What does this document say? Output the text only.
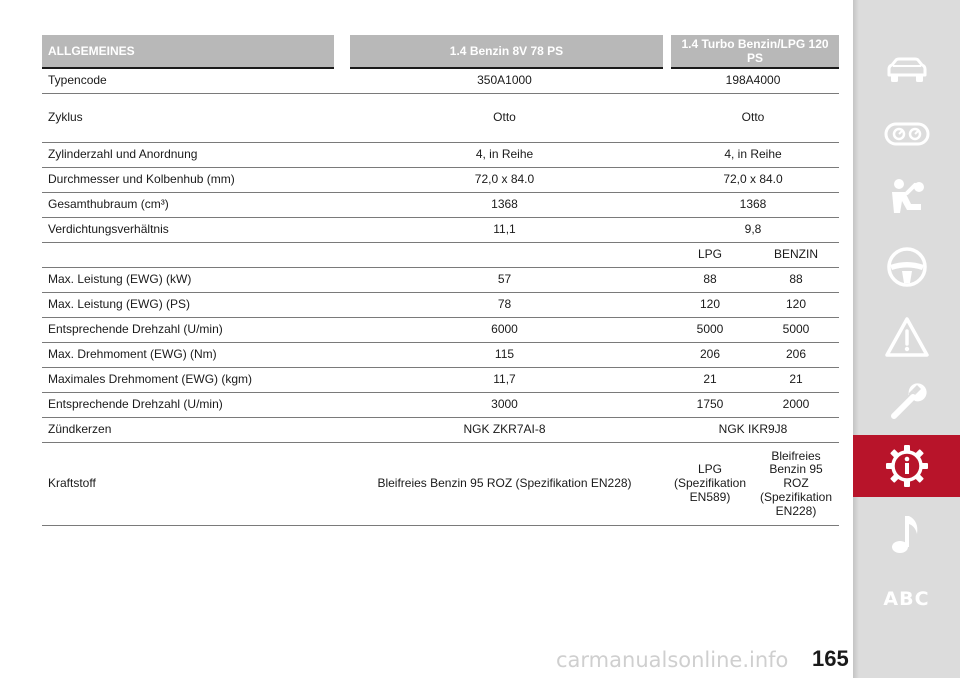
ALLGEMEINES	1.4 Benzin 8V 78 PS	1.4 Turbo Benzin/LPG 120 PS	
Typencode	350A1000	198A4000	
Zyklus	Otto	Otto	
Zylinderzahl und Anordnung	4, in Reihe	4, in Reihe	
Durchmesser und Kolbenhub (mm)	72,0 x 84.0	72,0 x 84.0	
Gesamthubraum (cm³)	1368	1368	
Verdichtungsverhältnis	11,1	9,8	
		LPG	BENZIN
Max. Leistung (EWG) (kW)	57	88	88
Max. Leistung (EWG) (PS)	78	120	120
Entsprechende Drehzahl (U/min)	6000	5000	5000
Max. Drehmoment (EWG) (Nm)	115	206	206
Maximales Drehmoment (EWG) (kgm)	11,7	21	21
Entsprechende Drehzahl (U/min)	3000	1750	2000
Zündkerzen	NGK ZKR7AI-8	NGK IKR9J8	
Kraftstoff	Bleifreies Benzin 95 ROZ (Spezifikation EN228)	LPG (Spezifikation EN589)	Bleifreies Benzin 95 ROZ (Spezifikation EN228)
ABC
carmanualsonline.info 165
